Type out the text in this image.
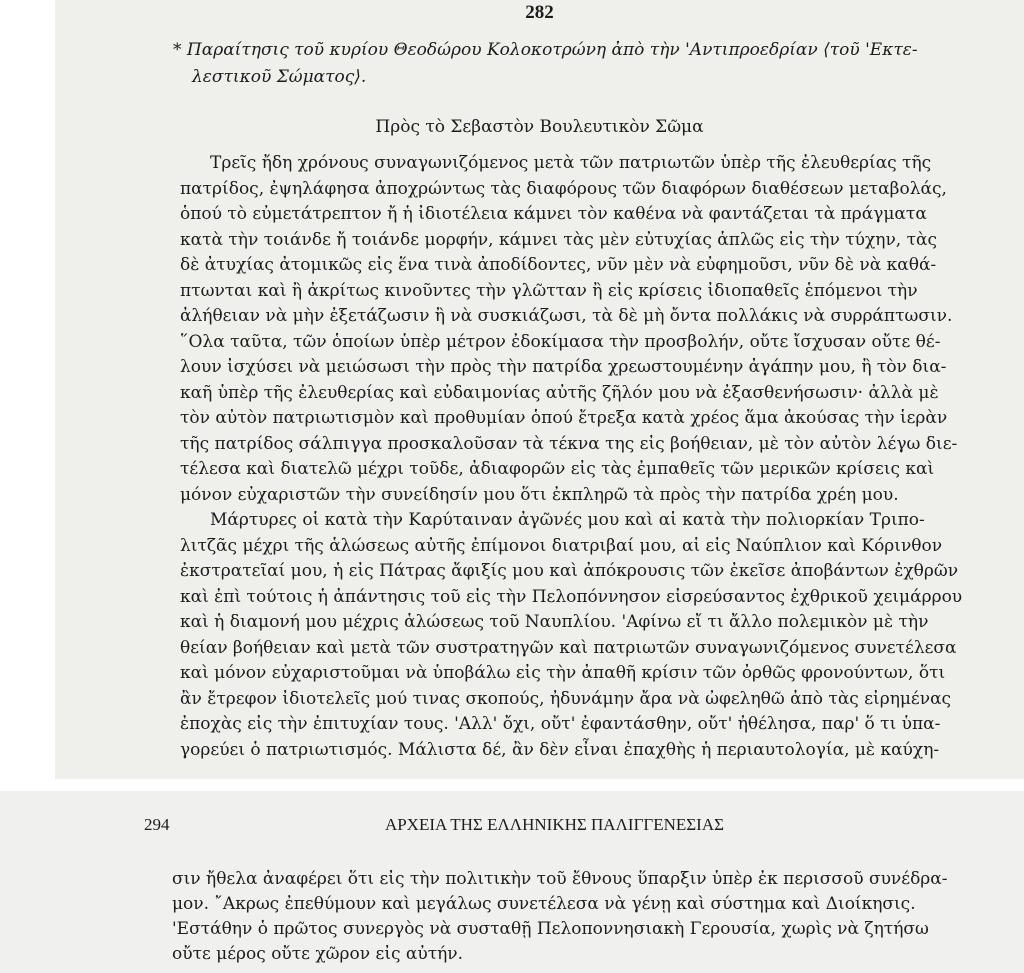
282
* Παραίτησις τοῦ κυρίου Θεοδώρου Κολοκοτρώνη ἀπὸ τὴν 'Αντιπροεδρίαν ⟨τοῦ 'Εκτε-
λεστικοῦ Σώματος⟩.
Πρὸς τὸ Σεβαστὸν Βουλευτικὸν Σῶμα
Τρεῖς ἤδη χρόνους συναγωνιζόμενος μετὰ τῶν πατριωτῶν ὑπὲρ τῆς ἐλευθερίας τῆς
πατρίδος, ἐψηλάφησα ἀποχρώντως τὰς διαφόρους τῶν διαφόρων διαθέσεων μεταβολάς,
ὁπού τὸ εὐμετάτρεπτον ἤ ἡ ἰδιοτέλεια κάμνει τὸν καθένα νὰ φαντάζεται τὰ πράγματα
κατὰ τὴν τοιάνδε ἤ τοιάνδε μορφήν, κάμνει τὰς μὲν εὐτυχίας ἁπλῶς εἰς τὴν τύχην, τὰς
δὲ ἀτυχίας ἀτομικῶς εἰς ἕνα τινὰ ἀποδίδοντες, νῦν μὲν νὰ εὐφημοῦσι, νῦν δὲ νὰ καθά-
πτωνται καὶ ἢ ἀκρίτως κινοῦντες τὴν γλῶτταν ἢ εἰς κρίσεις ἰδιοπαθεῖς ἑπόμενοι τὴν
ἀλήθειαν νὰ μὴν ἐξετάζωσιν ἢ νὰ συσκιάζωσι, τὰ δὲ μὴ ὄντα πολλάκις νὰ συρράπτωσιν.
῞Ολα ταῦτα, τῶν ὁποίων ὑπὲρ μέτρον ἐδοκίμασα τὴν προσβολήν, οὔτε ἴσχυσαν οὔτε θέ-
λουν ἰσχύσει νὰ μειώσωσι τὴν πρὸς τὴν πατρίδα χρεωστουμένην ἀγάπην μου, ἢ τὸν δια-
καῆ ὑπὲρ τῆς ἐλευθερίας καὶ εὐδαιμονίας αὐτῆς ζῆλόν μου νὰ ἐξασθενήσωσιν· ἀλλὰ μὲ
τὸν αὐτὸν πατριωτισμὸν καὶ προθυμίαν ὁπού ἔτρεξα κατὰ χρέος ἅμα ἀκούσας τὴν ἱερὰν
τῆς πατρίδος σάλπιγγα προσκαλοῦσαν τὰ τέκνα της εἰς βοήθειαν, μὲ τὸν αὐτὸν λέγω διε-
τέλεσα καὶ διατελῶ μέχρι τοῦδε, ἀδιαφορῶν εἰς τὰς ἐμπαθεῖς τῶν μερικῶν κρίσεις καὶ
μόνον εὐχαριστῶν τὴν συνείδησίν μου ὅτι ἐκπληρῶ τὰ πρὸς τὴν πατρίδα χρέη μου.
Μάρτυρες οἱ κατὰ τὴν Καρύταιναν ἀγῶνές μου καὶ αἱ κατὰ τὴν πολιορκίαν Τριπο-
λιτζᾶς μέχρι τῆς ἁλώσεως αὐτῆς ἐπίμονοι διατριβαί μου, αἱ εἰς Ναύπλιον καὶ Κόρινθον
ἐκστρατεῖαί μου, ἡ εἰς Πάτρας ἄφιξίς μου καὶ ἀπόκρουσις τῶν ἐκεῖσε ἀποβάντων ἐχθρῶν
καὶ ἐπὶ τούτοις ἡ ἀπάντησις τοῦ εἰς τὴν Πελοπόννησον εἰσρεύσαντος ἐχθρικοῦ χειμάρρου
καὶ ἡ διαμονή μου μέχρις ἁλώσεως τοῦ Ναυπλίου. 'Αφίνω εἴ τι ἄλλο πολεμικὸν μὲ τὴν
θείαν βοήθειαν καὶ μετὰ τῶν συστρατηγῶν καὶ πατριωτῶν συναγωνιζόμενος συνετέλεσα
καὶ μόνον εὐχαριστοῦμαι νὰ ὑποβάλω εἰς τὴν ἀπαθῆ κρίσιν τῶν ὀρθῶς φρονούντων, ὅτι
ἂν ἔτρεφον ἰδιοτελεῖς μού τινας σκοπούς, ἠδυνάμην ἄρα νὰ ὠφεληθῶ ἀπὸ τὰς εἰρημένας
ἐποχὰς εἰς τὴν ἐπιτυχίαν τους. 'Αλλ' ὄχι, οὔτ' ἐφαντάσθην, οὔτ' ἠθέλησα, παρ' ὅ τι ὑπα-
γορεύει ὁ πατριωτισμός. Μάλιστα δέ, ἂν δὲν εἶναι ἐπαχθὴς ἡ περιαυτολογία, μὲ καύχη-
294	ΑΡΧΕΙΑ ΤΗΣ ΕΛΛΗΝΙΚΗΣ ΠΑΛΙΓΓΕΝΕΣΙΑΣ
σιν ἤθελα ἀναφέρει ὅτι εἰς τὴν πολιτικὴν τοῦ ἔθνους ὕπαρξιν ὑπὲρ ἐκ περισσοῦ συνέδρα-
μον. ῎Ακρως ἐπεθύμουν καὶ μεγάλως συνετέλεσα νὰ γένῃ καὶ σύστημα καὶ Διοίκησις.
'Εστάθην ὁ πρῶτος συνεργὸς νὰ συσταθῇ Πελοποννησιακὴ Γερουσία, χωρὶς νὰ ζητήσω
οὔτε μέρος οὔτε χῶρον εἰς αὐτήν.
